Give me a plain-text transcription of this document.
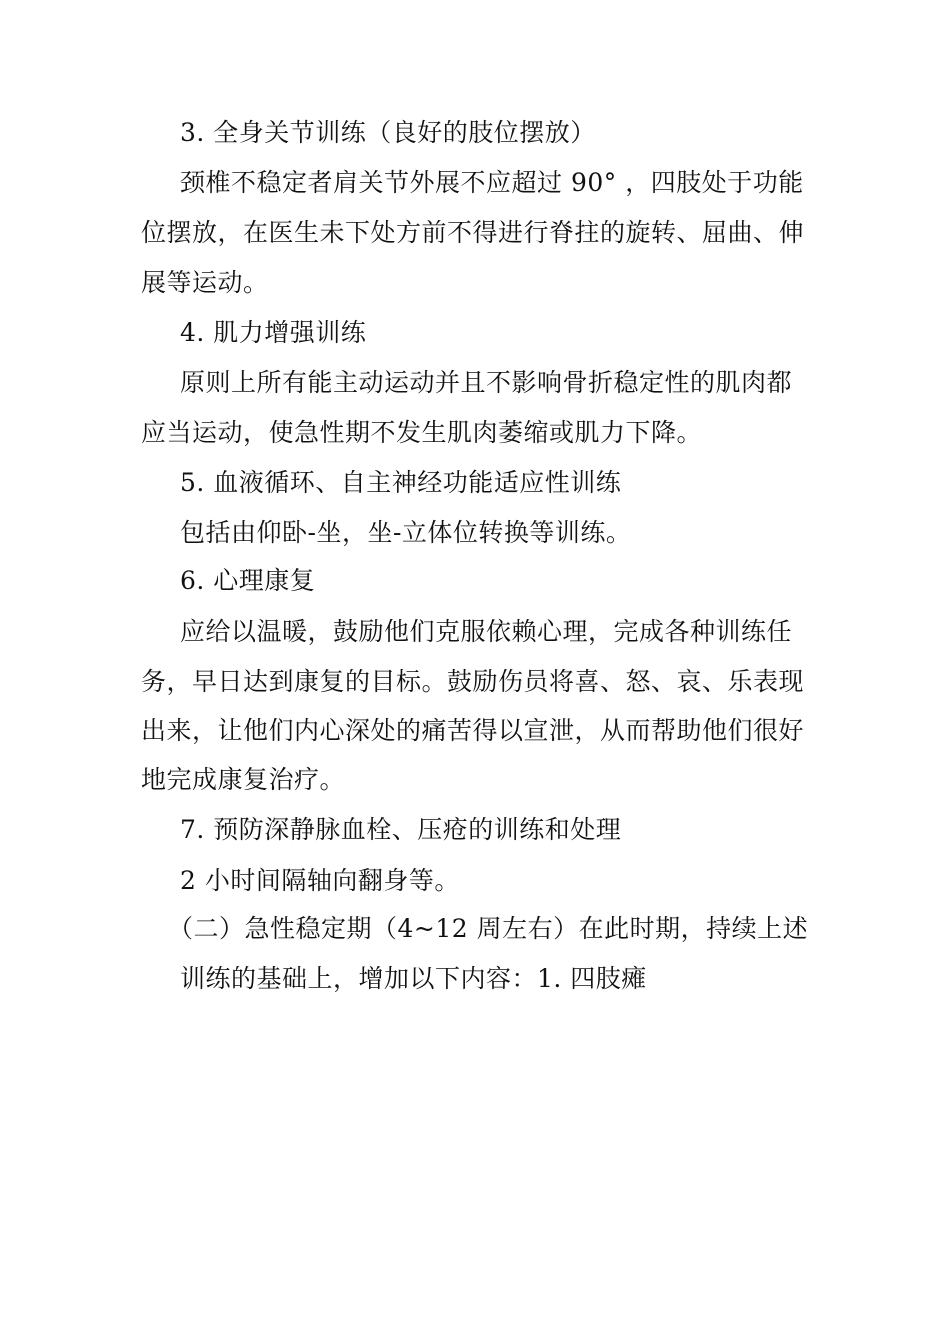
3. 全身关节训练（良好的肢位摆放）
颈椎不稳定者肩关节外展不应超过 90° ，四肢处于功能
位摆放，在医生未下处方前不得进行脊拄的旋转、屈曲、伸
展等运动。
4. 肌力增强训练
原则上所有能主动运动并且不影响骨折稳定性的肌肉都
应当运动，使急性期不发生肌肉萎缩或肌力下降。
5. 血液循环、自主神经功能适应性训练
包括由仰卧-坐，坐-立体位转换等训练。
6. 心理康复
应给以温暖，鼓励他们克服依赖心理，完成各种训练任
务，早日达到康复的目标。鼓励伤员将喜、怒、哀、乐表现
出来，让他们内心深处的痛苦得以宣泄，从而帮助他们很好
地完成康复治疗。
7. 预防深静脉血栓、压疮的训练和处理
2 小时间隔轴向翻身等。
（二）急性稳定期（4~12 周左右）在此时期，持续上述
训练的基础上，增加以下内容：1. 四肢瘫
